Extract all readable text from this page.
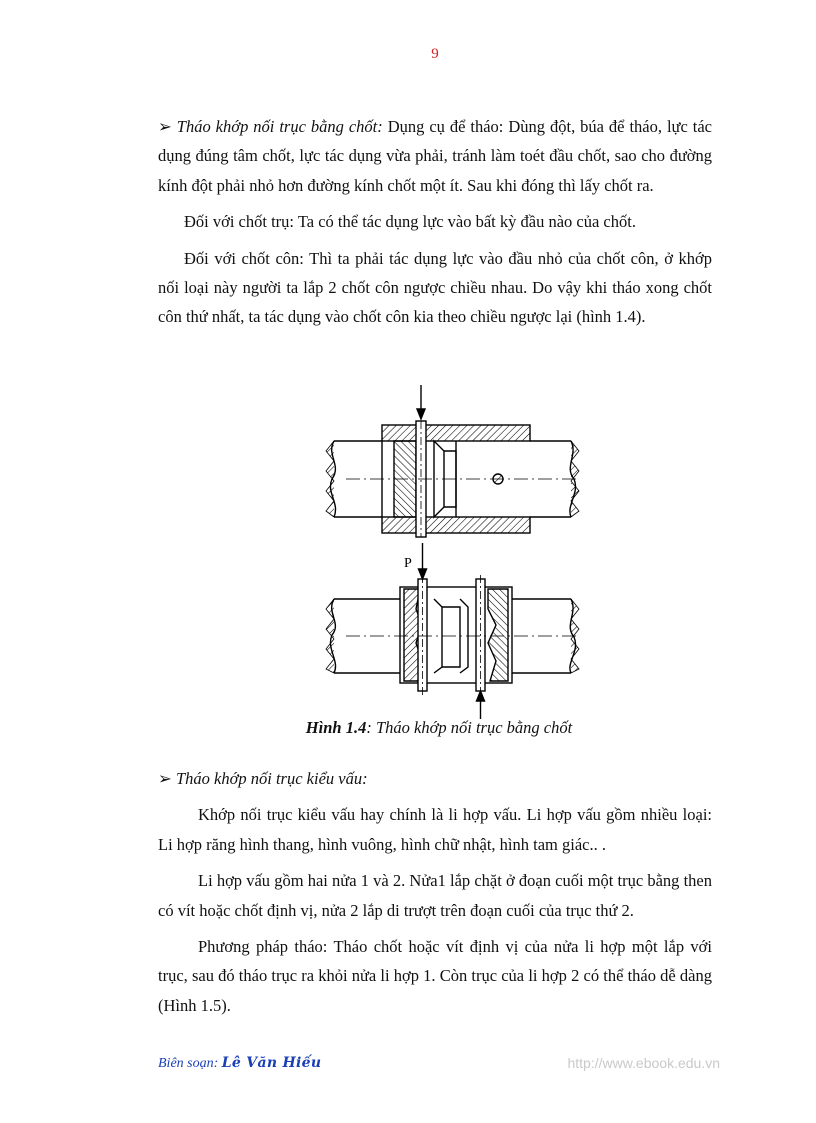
9

➢ Tháo khớp nối trục bằng chốt: Dụng cụ để tháo: Dùng đột, búa để tháo, lực tác dụng đúng tâm chốt, lực tác dụng vừa phải, tránh làm toét đầu chốt, sao cho đường kính đột phải nhỏ hơn đường kính chốt một ít. Sau khi đóng thì lấy chốt ra.

Đối với chốt trụ: Ta có thể tác dụng lực vào bất kỳ đầu nào của chốt.

Đối với chốt côn: Thì ta phải tác dụng lực vào đầu nhỏ của chốt côn, ở khớp nối loại này người ta lắp 2 chốt côn ngược chiều nhau. Do vậy khi tháo xong chốt côn thứ nhất, ta tác dụng vào chốt côn kia theo chiều ngược lại (hình 1.4).

P
Hình 1.4: Tháo khớp nối trục bằng chốt

➢ Tháo khớp nối trục kiểu vấu:

Khớp nối trục kiểu vấu hay chính là li hợp vấu. Li hợp vấu gồm nhiều loại: Li hợp răng hình thang, hình vuông, hình chữ nhật, hình tam giác.. .

Li hợp vấu gồm hai nửa 1 và 2. Nửa1 lắp chặt ở đoạn cuối một trục bằng then có vít hoặc chốt định vị, nửa 2 lắp di trượt trên đoạn cuối của trục thứ 2.

Phương pháp tháo: Tháo chốt hoặc vít định vị của nửa li hợp một lắp với trục, sau đó tháo trục ra khỏi nửa li hợp 1. Còn trục của li hợp 2 có thể tháo dễ dàng (Hình 1.5).

Biên soạn: Lê Văn Hiếu	http://www.ebook.edu.vn
